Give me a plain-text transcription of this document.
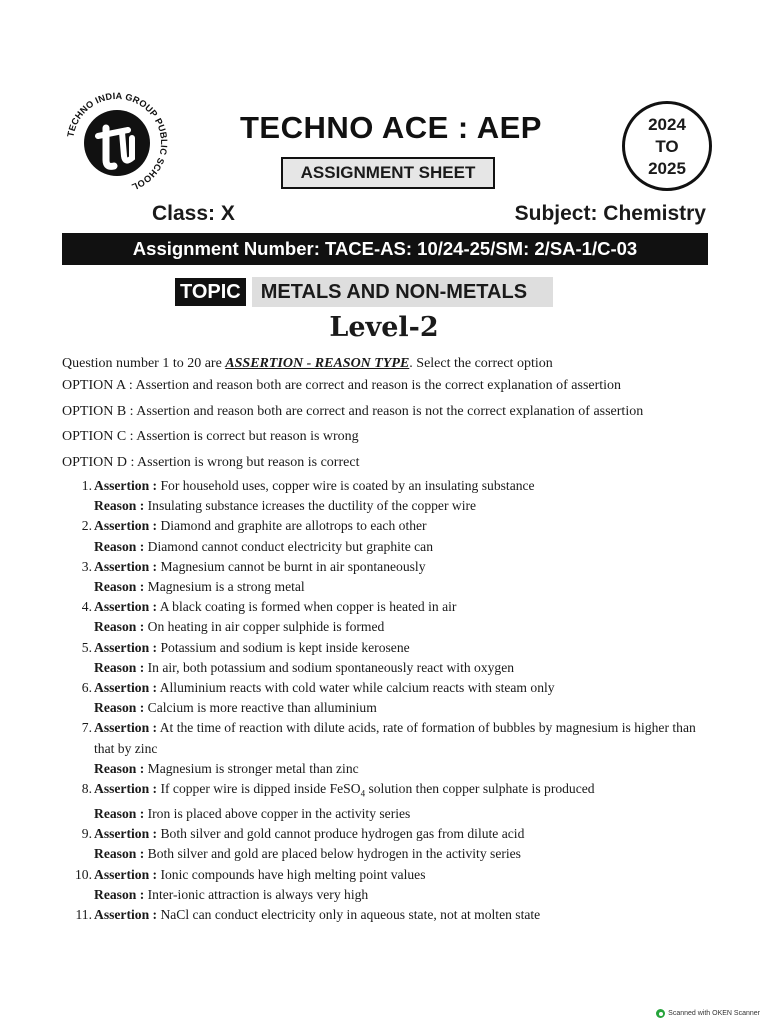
TECHNO INDIA GROUP PUBLIC SCHOOL
TECHNO ACE : AEP
ASSIGNMENT SHEET
2024
TO
2025
Class: X	Subject: Chemistry
Assignment Number: TACE-AS: 10/24-25/SM: 2/SA-1/C-03
TOPIC	METALS AND NON-METALS
Level-2
Question number 1 to 20 are ASSERTION - REASON TYPE. Select the correct option
OPTION A : Assertion and reason both are correct and reason is the correct explanation of assertion
OPTION B : Assertion and reason both are correct and reason is not the correct explanation of assertion
OPTION C : Assertion is correct but reason is wrong
OPTION D : Assertion is wrong but reason is correct
1. Assertion : For household uses, copper wire is coated by an insulating substance
Reason : Insulating substance icreases the ductility of the copper wire
2. Assertion : Diamond and graphite are allotrops to each other
Reason : Diamond cannot conduct electricity but graphite can
3. Assertion : Magnesium cannot be burnt in air spontaneously
Reason : Magnesium is a strong metal
4. Assertion : A black coating is formed when copper is heated in air
Reason : On heating in air copper sulphide is formed
5. Assertion : Potassium and sodium is kept inside kerosene
Reason : In air, both potassium and sodium spontaneously react with oxygen
6. Assertion : Alluminium reacts with cold water while calcium reacts with steam only
Reason : Calcium is more reactive than alluminium
7. Assertion : At the time of reaction with dilute acids, rate of formation of bubbles by magnesium is higher than that by zinc
Reason : Magnesium is stronger metal than zinc
8. Assertion : If copper wire is dipped inside FeSO$_4$ solution then copper sulphate is produced
Reason : Iron is placed above copper in the activity series
9. Assertion : Both silver and gold cannot produce hydrogen gas from dilute acid
Reason : Both silver and gold are placed below hydrogen in the activity series
10. Assertion : Ionic compounds have high melting point values
Reason : Inter-ionic attraction is always very high
11. Assertion : NaCl can conduct electricity only in aqueous state, not at molten state
Scanned with OKEN Scanner
